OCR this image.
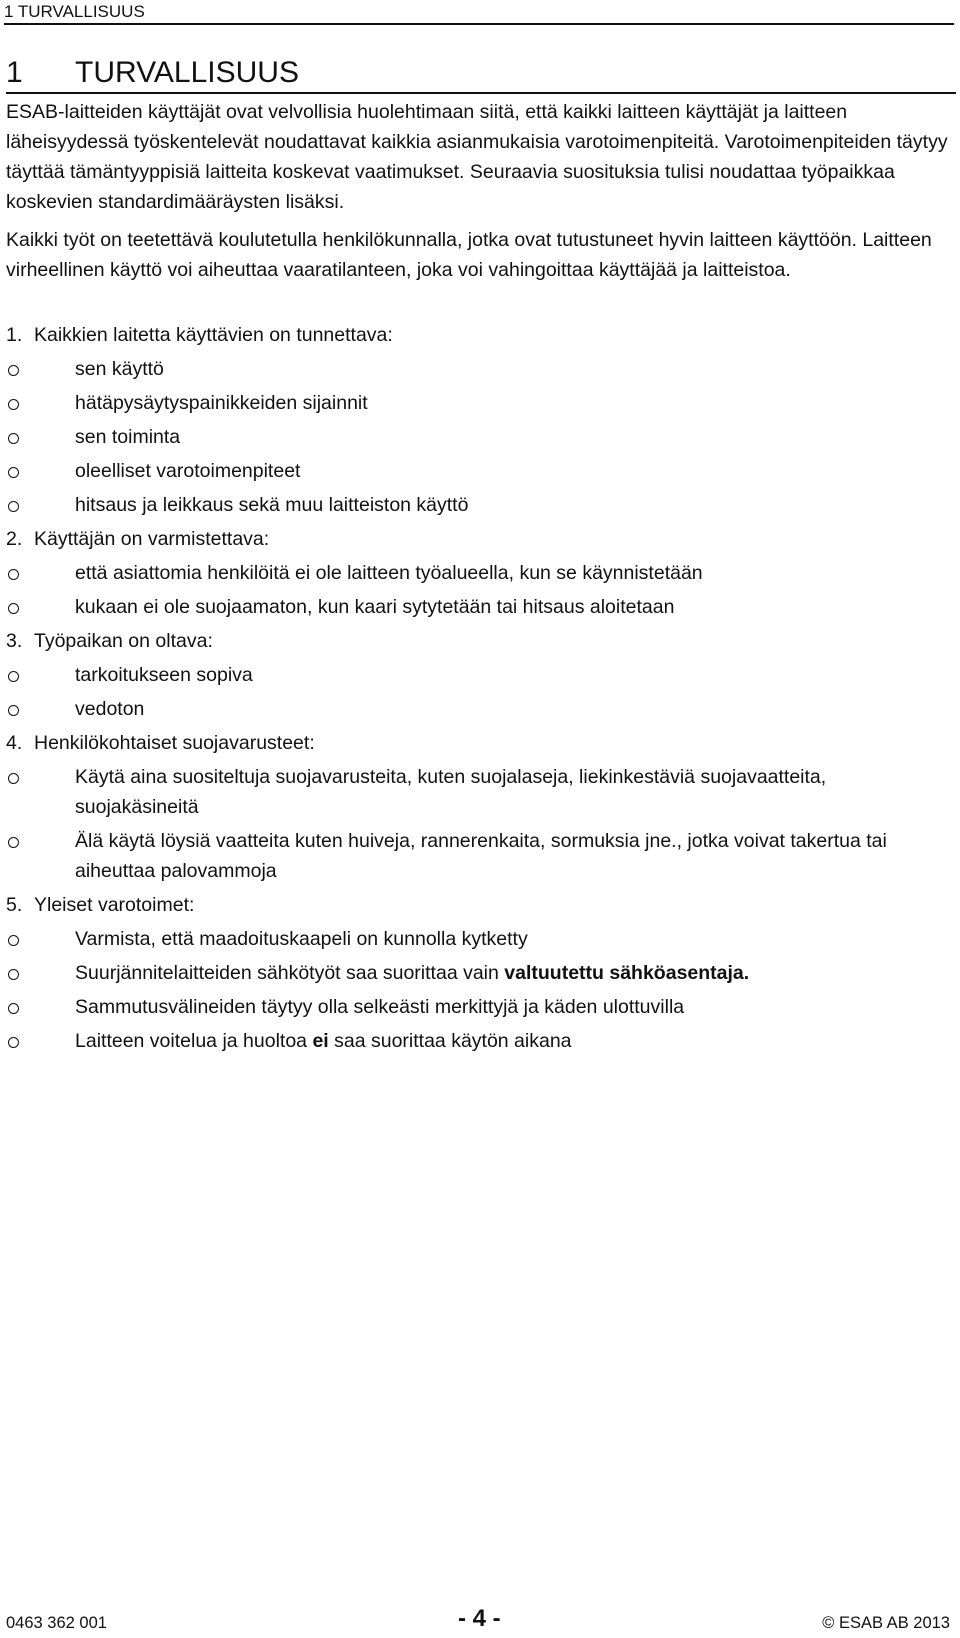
1 TURVALLISUUS
1 TURVALLISUUS

ESAB-laitteiden käyttäjät ovat velvollisia huolehtimaan siitä, että kaikki laitteen käyttäjät ja laitteen läheisyydessä työskentelevät noudattavat kaikkia asianmukaisia varotoimenpiteitä. Varotoimenpiteiden täytyy täyttää tämäntyyppisiä laitteita koskevat vaatimukset. Seuraavia suosituksia tulisi noudattaa työpaikkaa koskevien standardimääräysten lisäksi.

Kaikki työt on teetettävä koulutetulla henkilökunnalla, jotka ovat tutustuneet hyvin laitteen käyttöön. Laitteen virheellinen käyttö voi aiheuttaa vaaratilanteen, joka voi vahingoittaa käyttäjää ja laitteistoa.

1. Kaikkien laitetta käyttävien on tunnettava:
sen käyttö
hätäpysäytyspainikkeiden sijainnit
sen toiminta
oleelliset varotoimenpiteet
hitsaus ja leikkaus sekä muu laitteiston käyttö
2. Käyttäjän on varmistettava:
että asiattomia henkilöitä ei ole laitteen työalueella, kun se käynnistetään
kukaan ei ole suojaamaton, kun kaari sytytetään tai hitsaus aloitetaan
3. Työpaikan on oltava:
tarkoitukseen sopiva
vedoton
4. Henkilökohtaiset suojavarusteet:
Käytä aina suositeltuja suojavarusteita, kuten suojalaseja, liekinkestäviä suojavaatteita, suojakäsineitä
Älä käytä löysiä vaatteita kuten huiveja, rannerenkaita, sormuksia jne., jotka voivat takertua tai aiheuttaa palovammoja
5. Yleiset varotoimet:
Varmista, että maadoituskaapeli on kunnolla kytketty
Suurjännitelaitteiden sähkötyöt saa suorittaa vain valtuutettu sähköasentaja.
Sammutusvälineiden täytyy olla selkeästi merkittyjä ja käden ulottuvilla
Laitteen voitelua ja huoltoa ei saa suorittaa käytön aikana
0463 362 001	- 4 -	© ESAB AB 2013
